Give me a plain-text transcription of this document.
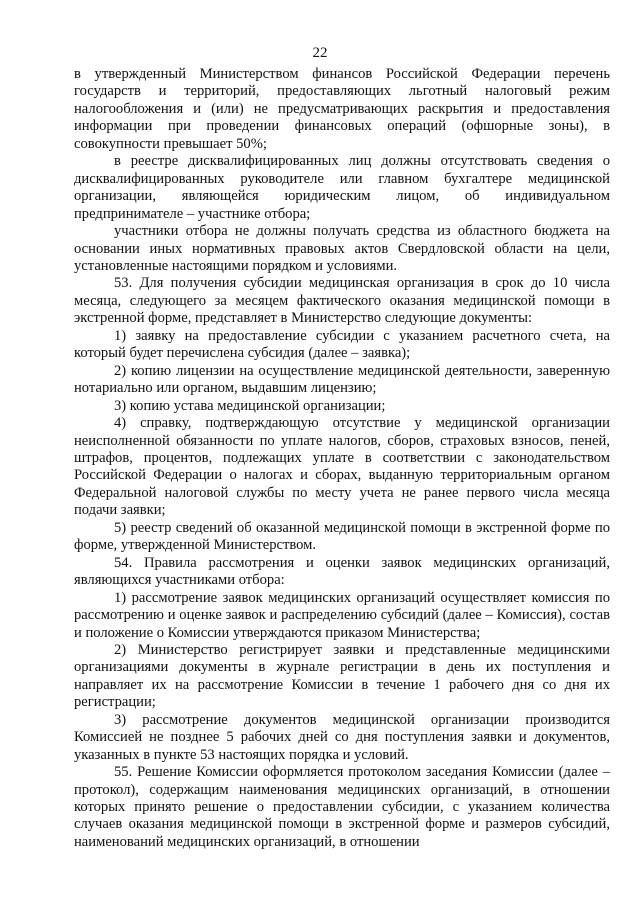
22

в утвержденный Министерством финансов Российской Федерации перечень государств и территорий, предоставляющих льготный налоговый режим налогообложения и (или) не предусматривающих раскрытия и предоставления информации при проведении финансовых операций (офшорные зоны), в совокупности превышает 50%;

в реестре дисквалифицированных лиц должны отсутствовать сведения о дисквалифицированных руководителе или главном бухгалтере медицинской организации, являющейся юридическим лицом, об индивидуальном предпринимателе – участнике отбора;

участники отбора не должны получать средства из областного бюджета на основании иных нормативных правовых актов Свердловской области на цели, установленные настоящими порядком и условиями.

53. Для получения субсидии медицинская организация в срок до 10 числа месяца, следующего за месяцем фактического оказания медицинской помощи в экстренной форме, представляет в Министерство следующие документы:

1) заявку на предоставление субсидии с указанием расчетного счета, на который будет перечислена субсидия (далее – заявка);

2) копию лицензии на осуществление медицинской деятельности, заверенную нотариально или органом, выдавшим лицензию;

3) копию устава медицинской организации;

4) справку, подтверждающую отсутствие у медицинской организации неисполненной обязанности по уплате налогов, сборов, страховых взносов, пеней, штрафов, процентов, подлежащих уплате в соответствии с законодательством Российской Федерации о налогах и сборах, выданную территориальным органом Федеральной налоговой службы по месту учета не ранее первого числа месяца подачи заявки;

5) реестр сведений об оказанной медицинской помощи в экстренной форме по форме, утвержденной Министерством.

54. Правила рассмотрения и оценки заявок медицинских организаций, являющихся участниками отбора:

1) рассмотрение заявок медицинских организаций осуществляет комиссия по рассмотрению и оценке заявок и распределению субсидий (далее – Комиссия), состав и положение о Комиссии утверждаются приказом Министерства;

2) Министерство регистрирует заявки и представленные медицинскими организациями документы в журнале регистрации в день их поступления и направляет их на рассмотрение Комиссии в течение 1 рабочего дня со дня их регистрации;

3) рассмотрение документов медицинской организации производится Комиссией не позднее 5 рабочих дней со дня поступления заявки и документов, указанных в пункте 53 настоящих порядка и условий.

55. Решение Комиссии оформляется протоколом заседания Комиссии (далее – протокол), содержащим наименования медицинских организаций, в отношении которых принято решение о предоставлении субсидии, с указанием количества случаев оказания медицинской помощи в экстренной форме и размеров субсидий, наименований медицинских организаций, в отношении
